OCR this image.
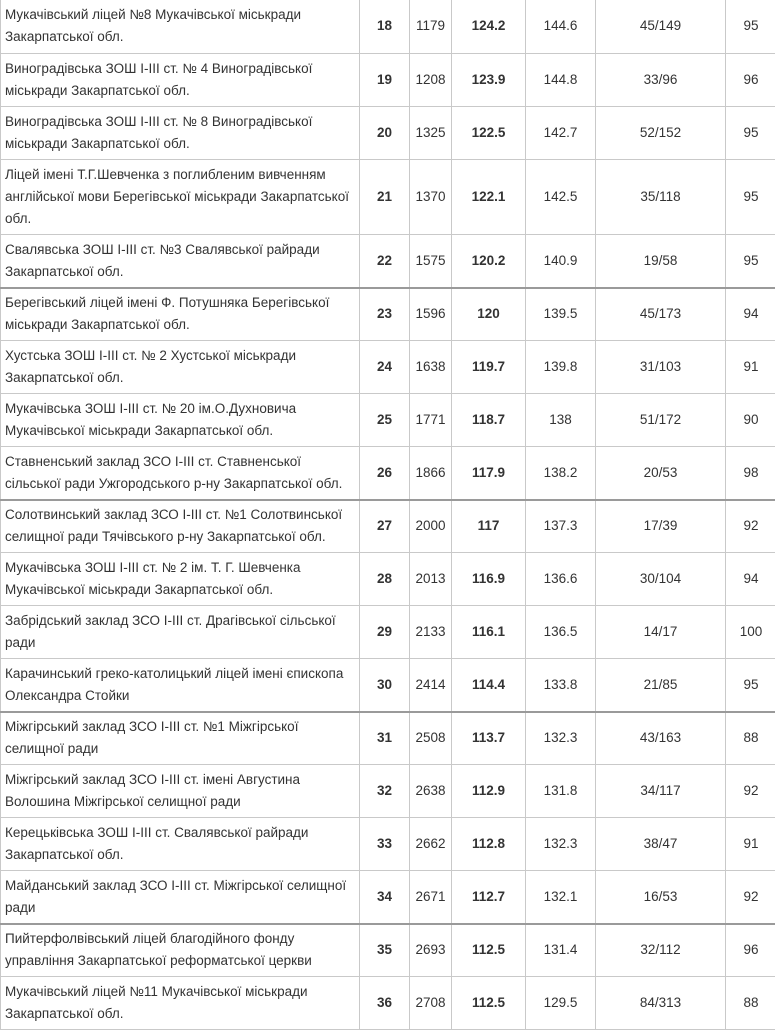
Мукачівський ліцей №8 Мукачівської міськради Закарпатської обл.	18	1179	124.2	144.6	45/149	95
Виноградівська ЗОШ І-ІІІ ст. № 4 Виноградівської міськради Закарпатської обл.	19	1208	123.9	144.8	33/96	96
Виноградівська ЗОШ І-ІІІ ст. № 8 Виноградівської міськради Закарпатської обл.	20	1325	122.5	142.7	52/152	95
Ліцей імені Т.Г.Шевченка з поглибленим вивченням англійської мови Берегівської міськради Закарпатської обл.	21	1370	122.1	142.5	35/118	95
Свалявська ЗОШ І-ІІІ ст. №3 Свалявської райради Закарпатської обл.	22	1575	120.2	140.9	19/58	95
Берегівський ліцей імені Ф. Потушняка Берегівської міськради Закарпатської обл.	23	1596	120	139.5	45/173	94
Хустська ЗОШ І-ІІІ ст. № 2 Хустської міськради Закарпатської обл.	24	1638	119.7	139.8	31/103	91
Мукачівська ЗОШ І-ІІІ ст. № 20 ім.О.Духновича Мукачівської міськради Закарпатської обл.	25	1771	118.7	138	51/172	90
Ставненський заклад ЗСО І-ІІІ ст. Ставненської сільської ради Ужгородського р-ну Закарпатської обл.	26	1866	117.9	138.2	20/53	98
Солотвинський заклад ЗСО І-ІІІ ст. №1 Солотвинської селищної ради Тячівського р-ну Закарпатської обл.	27	2000	117	137.3	17/39	92
Мукачівська ЗОШ І-ІІІ ст. № 2 ім. Т. Г. Шевченка Мукачівської міськради Закарпатської обл.	28	2013	116.9	136.6	30/104	94
Забрідський заклад ЗСО І-ІІІ ст. Драгівської сільської ради	29	2133	116.1	136.5	14/17	100
Карачинський греко-католицький ліцей імені єпископа Олександра Стойки	30	2414	114.4	133.8	21/85	95
Міжгірський заклад ЗСО І-ІІІ ст. №1 Міжгірської селищної ради	31	2508	113.7	132.3	43/163	88
Міжгірський заклад ЗСО І-ІІІ ст. імені Августина Волошина Міжгірської селищної ради	32	2638	112.9	131.8	34/117	92
Керецьківська ЗОШ І-ІІІ ст. Свалявської райради Закарпатської обл.	33	2662	112.8	132.3	38/47	91
Майданський заклад ЗСО І-ІІІ ст. Міжгірської селищної ради	34	2671	112.7	132.1	16/53	92
Пийтерфолвівський ліцей благодійного фонду управління Закарпатської реформатської церкви	35	2693	112.5	131.4	32/112	96
Мукачівський ліцей №11 Мукачівської міськради Закарпатської обл.	36	2708	112.5	129.5	84/313	88
